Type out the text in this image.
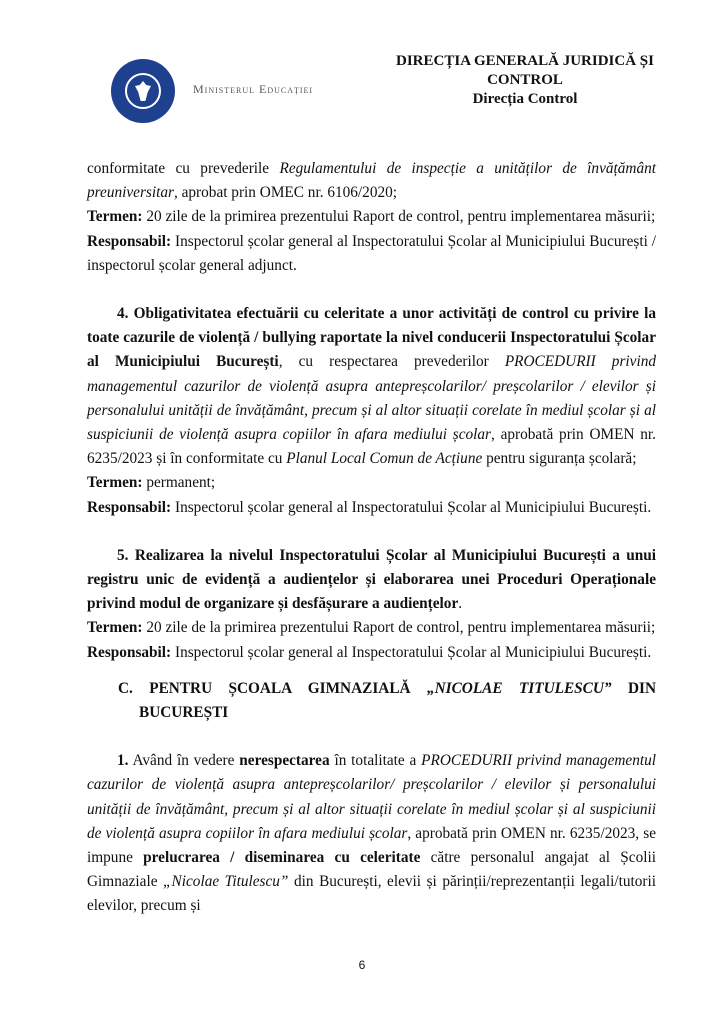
Ministerul Educației
DIRECȚIA GENERALĂ JURIDICĂ ȘI
CONTROL
Direcția Control
conformitate cu prevederile Regulamentului de inspecție a unităților de învățământ preuniversitar, aprobat prin OMEC nr. 6106/2020;
Termen: 20 zile de la primirea prezentului Raport de control, pentru implementarea măsurii;
Responsabil: Inspectorul școlar general al Inspectoratului Școlar al Municipiului București / inspectorul școlar general adjunct.
4. Obligativitatea efectuării cu celeritate a unor activități de control cu privire la toate cazurile de violență / bullying raportate la nivel conducerii Inspectoratului Școlar al Municipiului București, cu respectarea prevederilor PROCEDURII privind managementul cazurilor de violență asupra antepreșcolarilor/ preșcolarilor / elevilor și personalului unității de învățământ, precum și al altor situații corelate în mediul școlar și al suspiciunii de violență asupra copiilor în afara mediului școlar, aprobată prin OMEN nr. 6235/2023 și în conformitate cu Planul Local Comun de Acțiune pentru siguranța școlară;
Termen: permanent;
Responsabil: Inspectorul școlar general al Inspectoratului Școlar al Municipiului București.
5. Realizarea la nivelul Inspectoratului Școlar al Municipiului București a unui registru unic de evidență a audiențelor și elaborarea unei Proceduri Operaționale privind modul de organizare și desfășurare a audiențelor.
Termen: 20 zile de la primirea prezentului Raport de control, pentru implementarea măsurii;
Responsabil: Inspectorul școlar general al Inspectoratului Școlar al Municipiului București.
C. PENTRU ȘCOALA GIMNAZIALĂ „NICOLAE TITULESCU” DIN BUCUREȘTI
1. Având în vedere nerespectarea în totalitate a PROCEDURII privind managementul cazurilor de violență asupra antepreșcolarilor/ preșcolarilor / elevilor și personalului unității de învățământ, precum și al altor situații corelate în mediul școlar și al suspiciunii de violență asupra copiilor în afara mediului școlar, aprobată prin OMEN nr. 6235/2023, se impune prelucrarea / diseminarea cu celeritate către personalul angajat al Școlii Gimnaziale „Nicolae Titulescu” din București, elevii și părinții/reprezentanții legali/tutorii elevilor, precum și
6
